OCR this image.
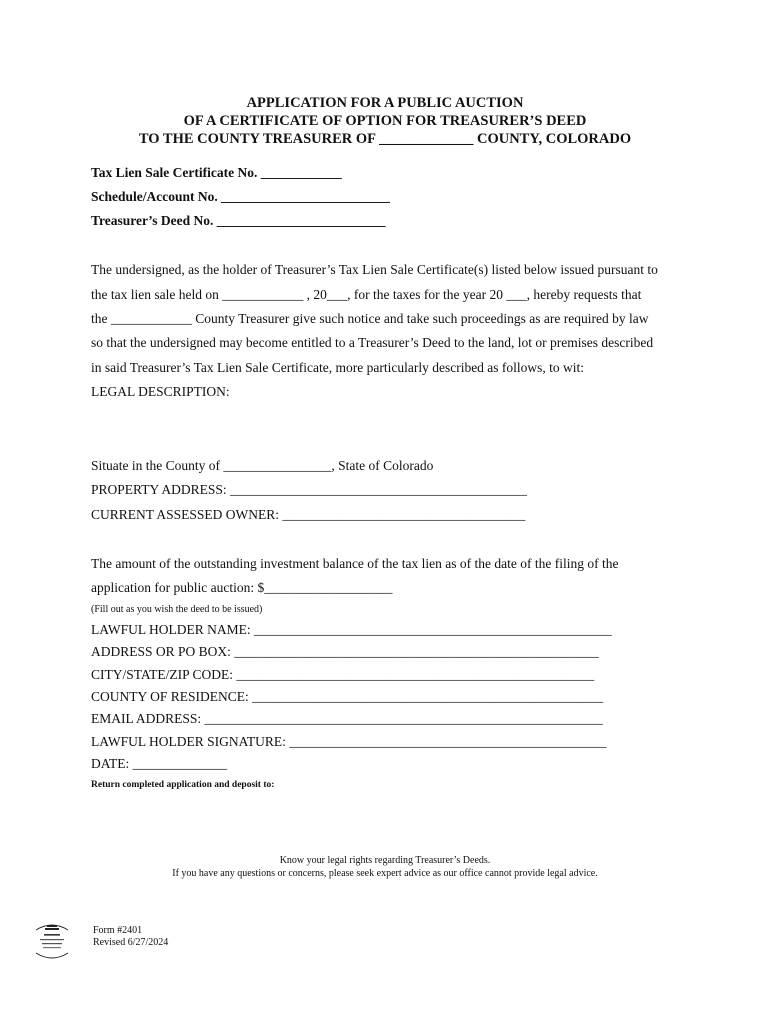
APPLICATION FOR A PUBLIC AUCTION
OF A CERTIFICATE OF OPTION FOR TREASURER’S DEED
TO THE COUNTY TREASURER OF _____________ COUNTY, COLORADO
Tax Lien Sale Certificate No. ____________
Schedule/Account No. _________________________
Treasurer’s Deed No. _________________________
The undersigned, as the holder of Treasurer’s Tax Lien Sale Certificate(s) listed below issued pursuant to
the tax lien sale held on ____________ , 20___, for the taxes for the year 20 ___, hereby requests that
the ____________ County Treasurer give such notice and take such proceedings as are required by law
so that the undersigned may become entitled to a Treasurer’s Deed to the land, lot or premises described
in said Treasurer’s Tax Lien Sale Certificate, more particularly described as follows, to wit:
LEGAL DESCRIPTION:
Situate in the County of ________________, State of Colorado
PROPERTY ADDRESS: ____________________________________________
CURRENT ASSESSED OWNER: ____________________________________
The amount of the outstanding investment balance of the tax lien as of the date of the filing of the
application for public auction: $___________________
(Fill out as you wish the deed to be issued)
LAWFUL HOLDER NAME: _____________________________________________________
ADDRESS OR PO BOX: ______________________________________________________
CITY/STATE/ZIP CODE: _____________________________________________________
COUNTY OF RESIDENCE: ____________________________________________________
EMAIL ADDRESS: ___________________________________________________________
LAWFUL HOLDER SIGNATURE: _______________________________________________
DATE: ______________
Return completed application and deposit to:
Know your legal rights regarding Treasurer’s Deeds.
If you have any questions or concerns, please seek expert advice as our office cannot provide legal advice.
Form #2401
Revised 6/27/2024
